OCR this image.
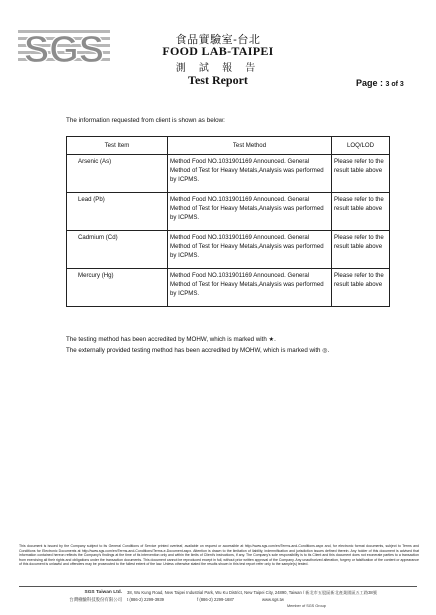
SGS	食品實驗室-台北
FOOD LAB-TAIPEI
測 試 報 告
Test Report	Page : 3 of 3
The information requested from client is shown as below:
Test Item	Test Method	LOQ/LOD
Arsenic (As)	Method Food NO.1031901169 Announced. General Method of Test for Heavy Metals,Analysis was performed by ICPMS.	Please refer to the result table above
Lead (Pb)	Method Food NO.1031901169 Announced. General Method of Test for Heavy Metals,Analysis was performed by ICPMS.	Please refer to the result table above
Cadmium (Cd)	Method Food NO.1031901169 Announced. General Method of Test for Heavy Metals,Analysis was performed by ICPMS.	Please refer to the result table above
Mercury (Hg)	Method Food NO.1031901169 Announced. General Method of Test for Heavy Metals,Analysis was performed by ICPMS.	Please refer to the result table above
The testing method has been accredited by MOHW, which is marked with ★.
The externally provided testing method has been accredited by MOHW, which is marked with ◎.
This document is issued by the Company subject to its General Conditions of Service printed overleaf, available on request or accessible at http://www.sgs.com/en/Terms-and-Conditions.aspx and, for electronic format documents, subject to Terms and Conditions for Electronic Documents at http://www.sgs.com/en/Terms-and-Conditions/Terms-e-Document.aspx. Attention is drawn to the limitation of liability, indemnification and jurisdiction issues defined therein. Any holder of this document is advised that information contained hereon reflects the Company's findings at the time of its intervention only and within the limits of Client's instructions, if any. The Company's sole responsibility is to its Client and this document does not exonerate parties to a transaction from exercising all their rights and obligations under the transaction documents. This document cannot be reproduced except in full, without prior written approval of the Company. Any unauthorized alteration, forgery or falsification of the content or appearance of this document is unlawful and offenders may be prosecuted to the fullest extent of the law. Unless otherwise stated the results shown in this test report refer only to the sample(s) tested.
SGS Taiwan Ltd.
台灣檢驗科技股份有限公司
38, Wu Kung Road, New Taipei Industrial Park, Wu Ku District, New Taipei City, 24890, Taiwan / 新北市五股區新北產業園區五工路38號
t (886-2) 2299-3939	f (886-2) 2299-1687	www.sgs.tw
Member of SGS Group
